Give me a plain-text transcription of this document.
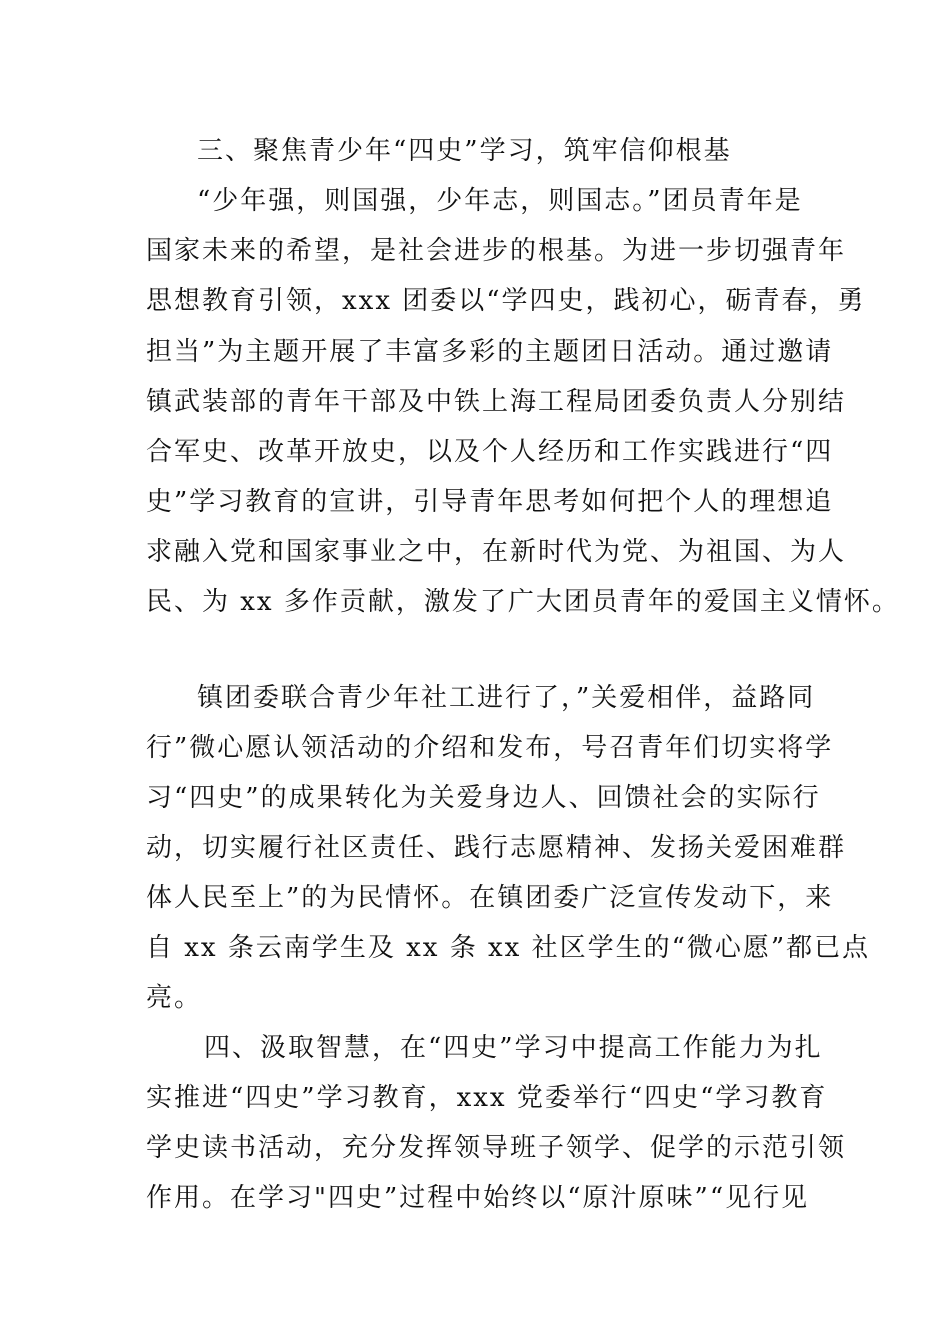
三、聚焦青少年“四史”学习，筑牢信仰根基
“少年强，则国强，少年志，则国志。”团员青年是
国家未来的希望，是社会进步的根基。为进一步切强青年
思想教育引领，xxx 团委以“学四史，践初心，砺青春，勇
担当”为主题开展了丰富多彩的主题团日活动。通过邀请
镇武装部的青年干部及中铁上海工程局团委负责人分别结
合军史、改革开放史，以及个人经历和工作实践进行“四
史”学习教育的宣讲，引导青年思考如何把个人的理想追
求融入党和国家事业之中，在新时代为党、为祖国、为人
民、为 xx 多作贡献，激发了广大团员青年的爱国主义情怀。
镇团委联合青少年社工进行了，”关爱相伴，益路同
行”微心愿认领活动的介绍和发布，号召青年们切实将学
习“四史”的成果转化为关爱身边人、回馈社会的实际行
动，切实履行社区责任、践行志愿精神、发扬关爱困难群
体人民至上”的为民情怀。在镇团委广泛宣传发动下，来
自 xx 条云南学生及 xx 条 xx 社区学生的“微心愿”都已点
亮。
四、汲取智慧，在“四史”学习中提高工作能力为扎
实推进“四史”学习教育，xxx 党委举行“四史“学习教育
学史读书活动，充分发挥领导班子领学、促学的示范引领
作用。在学习"四史”过程中始终以“原汁原味”“见行见
